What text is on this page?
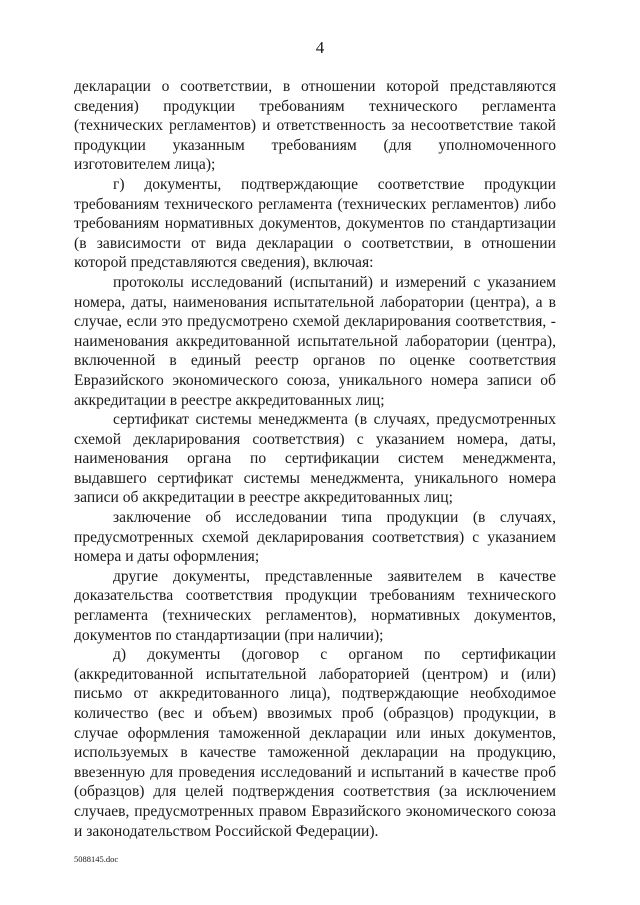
4

декларации о соответствии, в отношении которой представляются сведения) продукции требованиям технического регламента (технических регламентов) и ответственность за несоответствие такой продукции указанным требованиям (для уполномоченного изготовителем лица);

г) документы, подтверждающие соответствие продукции требованиям технического регламента (технических регламентов) либо требованиям нормативных документов, документов по стандартизации (в зависимости от вида декларации о соответствии, в отношении которой представляются сведения), включая:

протоколы исследований (испытаний) и измерений с указанием номера, даты, наименования испытательной лаборатории (центра), а в случае, если это предусмотрено схемой декларирования соответствия, - наименования аккредитованной испытательной лаборатории (центра), включенной в единый реестр органов по оценке соответствия Евразийского экономического союза, уникального номера записи об аккредитации в реестре аккредитованных лиц;

сертификат системы менеджмента (в случаях, предусмотренных схемой декларирования соответствия) с указанием номера, даты, наименования органа по сертификации систем менеджмента, выдавшего сертификат системы менеджмента, уникального номера записи об аккредитации в реестре аккредитованных лиц;

заключение об исследовании типа продукции (в случаях, предусмотренных схемой декларирования соответствия) с указанием номера и даты оформления;

другие документы, представленные заявителем в качестве доказательства соответствия продукции требованиям технического регламента (технических регламентов), нормативных документов, документов по стандартизации (при наличии);

д) документы (договор с органом по сертификации (аккредитованной испытательной лабораторией (центром) и (или) письмо от аккредитованного лица), подтверждающие необходимое количество (вес и объем) ввозимых проб (образцов) продукции, в случае оформления таможенной декларации или иных документов, используемых в качестве таможенной декларации на продукцию, ввезенную для проведения исследований и испытаний в качестве проб (образцов) для целей подтверждения соответствия (за исключением случаев, предусмотренных правом Евразийского экономического союза и законодательством Российской Федерации).

5088145.doc
